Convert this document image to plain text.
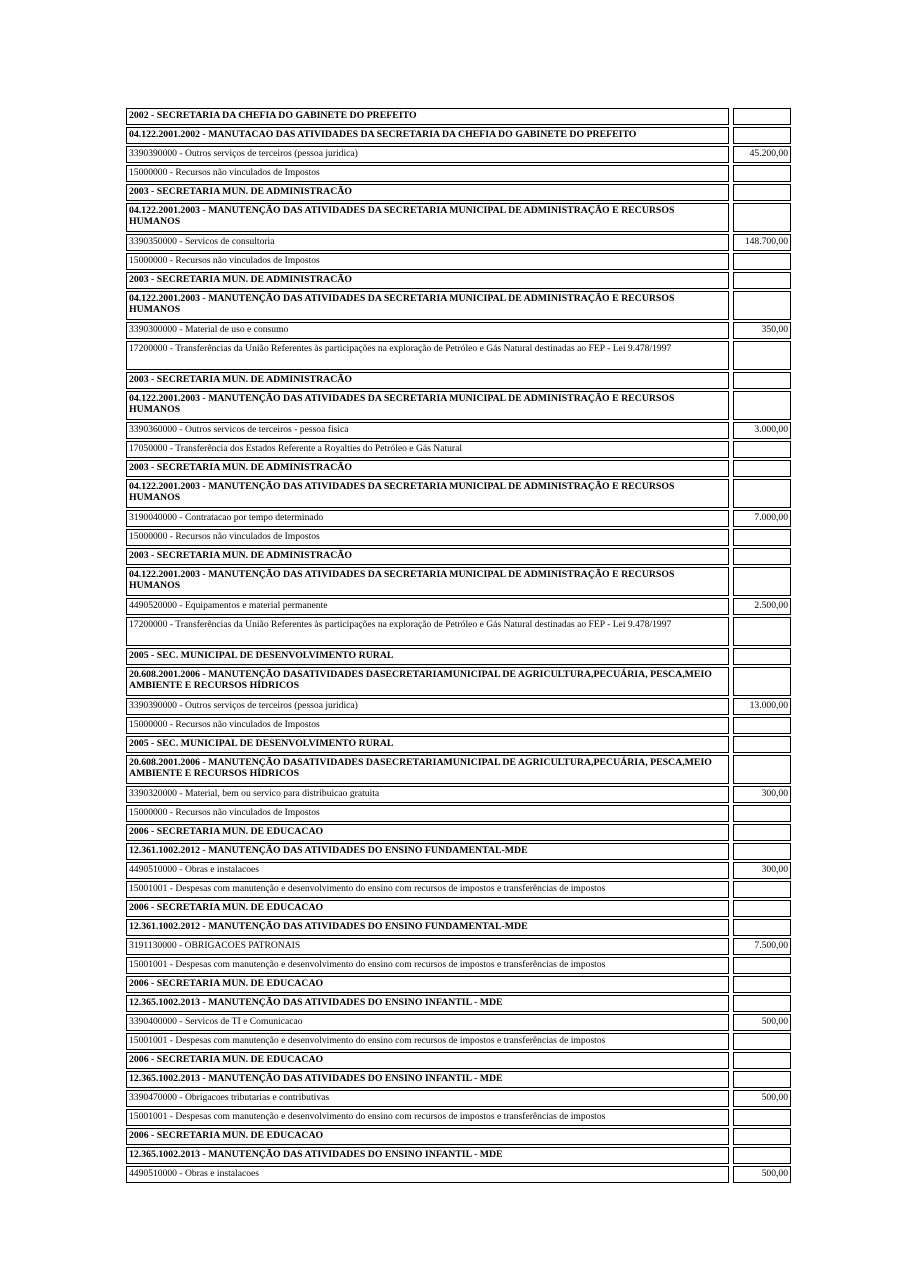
2002 - SECRETARIA DA CHEFIA DO GABINETE DO PREFEITO
04.122.2001.2002 - MANUTACAO DAS ATIVIDADES DA SECRETARIA DA CHEFIA DO GABINETE DO PREFEITO
3390390000 - Outros serviços de terceiros (pessoa juridica)	45.200,00
15000000 - Recursos não vinculados de Impostos
2003 - SECRETARIA MUN. DE ADMINISTRACÃO
04.122.2001.2003 - MANUTENÇÃO DAS ATIVIDADES DA SECRETARIA MUNICIPAL DE ADMINISTRAÇÃO E RECURSOS HUMANOS
3390350000 - Servicos de consultoria	148.700,00
15000000 - Recursos não vinculados de Impostos
2003 - SECRETARIA MUN. DE ADMINISTRACÃO
04.122.2001.2003 - MANUTENÇÃO DAS ATIVIDADES DA SECRETARIA MUNICIPAL DE ADMINISTRAÇÃO E RECURSOS HUMANOS
3390300000 - Material de uso e consumo	350,00
17200000 - Transferências da União Referentes às participações na exploração de Petróleo e Gás Natural destinadas ao FEP - Lei 9.478/1997
2003 - SECRETARIA MUN. DE ADMINISTRACÃO
04.122.2001.2003 - MANUTENÇÃO DAS ATIVIDADES DA SECRETARIA MUNICIPAL DE ADMINISTRAÇÃO E RECURSOS HUMANOS
3390360000 - Outros servicos de terceiros - pessoa fisica	3.000,00
17050000 - Transferência dos Estados Referente a Royalties do Petróleo e Gás Natural
2003 - SECRETARIA MUN. DE ADMINISTRACÃO
04.122.2001.2003 - MANUTENÇÃO DAS ATIVIDADES DA SECRETARIA MUNICIPAL DE ADMINISTRAÇÃO E RECURSOS HUMANOS
3190040000 - Contratacao por tempo determinado	7.000,00
15000000 - Recursos não vinculados de Impostos
2003 - SECRETARIA MUN. DE ADMINISTRACÃO
04.122.2001.2003 - MANUTENÇÃO DAS ATIVIDADES DA SECRETARIA MUNICIPAL DE ADMINISTRAÇÃO E RECURSOS HUMANOS
4490520000 - Equipamentos e material permanente	2.500,00
17200000 - Transferências da União Referentes às participações na exploração de Petróleo e Gás Natural destinadas ao FEP - Lei 9.478/1997
2005 - SEC. MUNICIPAL DE DESENVOLVIMENTO RURAL
20.608.2001.2006 - MANUTENÇÃO DASATIVIDADES DASECRETARIAMUNICIPAL DE AGRICULTURA,PECUÁRIA, PESCA,MEIO AMBIENTE E RECURSOS HÍDRICOS
3390390000 - Outros serviços de terceiros (pessoa juridica)	13.000,00
15000000 - Recursos não vinculados de Impostos
2005 - SEC. MUNICIPAL DE DESENVOLVIMENTO RURAL
20.608.2001.2006 - MANUTENÇÃO DASATIVIDADES DASECRETARIAMUNICIPAL DE AGRICULTURA,PECUÁRIA, PESCA,MEIO AMBIENTE E RECURSOS HÍDRICOS
3390320000 - Material, bem ou servico para distribuicao gratuita	300,00
15000000 - Recursos não vinculados de Impostos
2006 - SECRETARIA MUN. DE EDUCACAO
12.361.1002.2012 - MANUTENÇÃO DAS ATIVIDADES DO ENSINO FUNDAMENTAL-MDE
4490510000 - Obras e instalacoes	300,00
15001001 - Despesas com manutenção e desenvolvimento do ensino com recursos de impostos e transferências de impostos
2006 - SECRETARIA MUN. DE EDUCACAO
12.361.1002.2012 - MANUTENÇÃO DAS ATIVIDADES DO ENSINO FUNDAMENTAL-MDE
3191130000 - OBRIGACOES PATRONAIS	7.500,00
15001001 - Despesas com manutenção e desenvolvimento do ensino com recursos de impostos e transferências de impostos
2006 - SECRETARIA MUN. DE EDUCACAO
12.365.1002.2013 - MANUTENÇÃO DAS ATIVIDADES DO ENSINO INFANTIL - MDE
3390400000 - Servicos de TI e Comunicacao	500,00
15001001 - Despesas com manutenção e desenvolvimento do ensino com recursos de impostos e transferências de impostos
2006 - SECRETARIA MUN. DE EDUCACAO
12.365.1002.2013 - MANUTENÇÃO DAS ATIVIDADES DO ENSINO INFANTIL - MDE
3390470000 - Obrigacoes tributarias e contributivas	500,00
15001001 - Despesas com manutenção e desenvolvimento do ensino com recursos de impostos e transferências de impostos
2006 - SECRETARIA MUN. DE EDUCACAO
12.365.1002.2013 - MANUTENÇÃO DAS ATIVIDADES DO ENSINO INFANTIL - MDE
4490510000 - Obras e instalacoes	500,00
